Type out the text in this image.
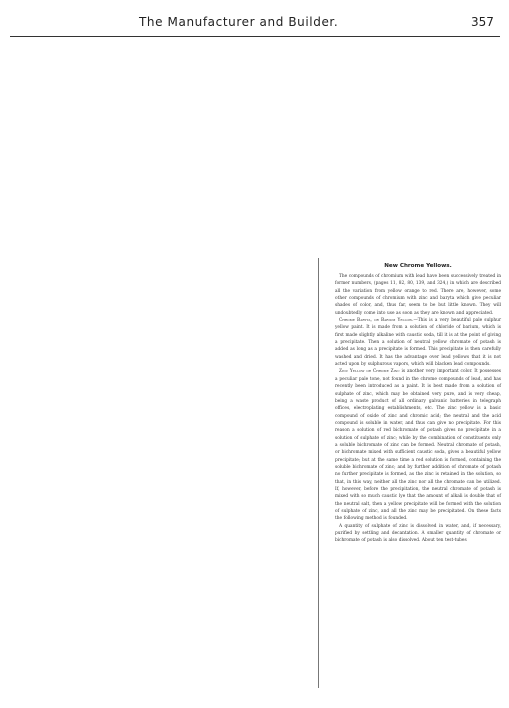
The Manufacturer and Builder.	357
New Chrome Yellows.

The compounds of chromium with lead have been successively treated in former numbers, (pages 11, 82, 80, 139, and 324,) in which are described all the variation from yellow orange to red. There are, however, some other compounds of chromium with zinc and baryta which give peculiar shades of color, and, thus far, seem to be but little known. They will undoubtedly come into use as soon as they are known and appreciated.

Chrome Baryta, or Barium Yellow.—This is a very beautiful pale sulphur yellow paint. It is made from a solution of chloride of barium, which is first made slightly alkaline with caustic soda, till it is at the point of giving a precipitate. Then a solution of neutral yellow chromate of potash is added as long as a precipitate is formed. This precipitate is then carefully washed and dried. It has the advantage over lead yellows that it is not acted upon by sulphurous vapors, which will blacken lead compounds.

Zinc Yellow or Chrome Zinc is another very important color. It possesses a peculiar pale tone, not found in the chrome compounds of lead, and has recently been introduced as a paint. It is best made from a solution of sulphate of zinc, which may be obtained very pure, and is very cheap, being a waste product of all ordinary galvanic batteries in telegraph offices, electroplating establishments, etc. The zinc yellow is a basic compound of oxide of zinc and chromic acid; the neutral and the acid compound is soluble in water, and thus can give no precipitate. For this reason a solution of red bichromate of potash gives no precipitate in a solution of sulphate of zinc; while by the combination of constituents only a soluble bichromate of zinc can be formed. Neutral chromate of potash, or bichromate mixed with sufficient caustic soda, gives a beautiful yellow precipitate; but at the same time a red solution is formed, containing the soluble bichromate of zinc; and by further addition of chromate of potash no further precipitate is formed, as the zinc is retained in the solution, so that, in this way, neither all the zinc nor all the chromate can be utilized. If, however, before the precipitation, the neutral chromate of potash is mixed with so much caustic lye that the amount of alkali is double that of the neutral salt, then a yellow precipitate will be formed with the solution of sulphate of zinc, and all the zinc may be precipitated. On these facts the following method is founded.

A quantity of sulphate of zinc is dissolved in water, and, if necessary, purified by settling and decantation. A smaller quantity of chromate or bichromate of potash is also dissolved. About ten test-tubes
